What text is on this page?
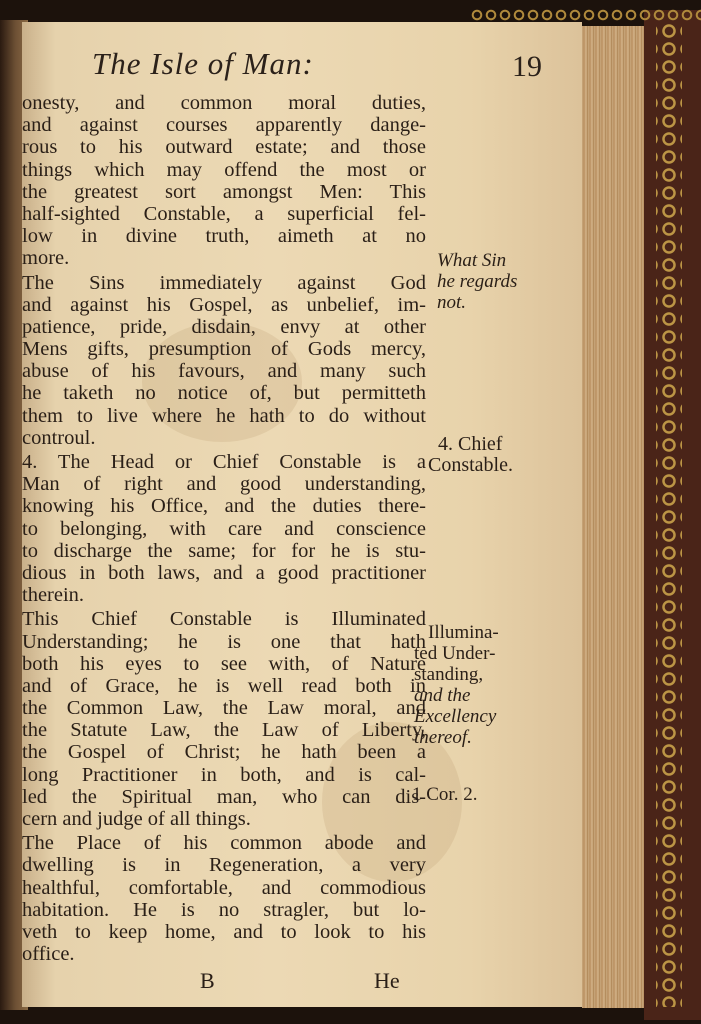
The Isle of Man:	19
onesty, and common moral duties,
and against courses apparently dange-
rous to his outward estate; and those
things which may offend the most or
the greatest sort amongst Men: This
half-sighted Constable, a superficial fel-
low in divine truth, aimeth at no
more.
The Sins immediately against God
and against his Gospel, as unbelief, im-
patience, pride, disdain, envy at other
Mens gifts, presumption of Gods mercy,
abuse of his favours, and many such
he taketh no notice of, but permitteth
them to live where he hath to do without
controul.
4. The Head or Chief Constable is a
Man of right and good understanding,
knowing his Office, and the duties there-
to belonging, with care and conscience
to discharge the same; for for he is stu-
dious in both laws, and a good practitioner
therein.
This Chief Constable is Illuminated
Understanding; he is one that hath
both his eyes to see with, of Nature
and of Grace, he is well read both in
the Common Law, the Law moral, and
the Statute Law, the Law of Liberty,
the Gospel of Christ; he hath been a
long Practitioner in both, and is cal-
led the Spiritual man, who can dis-
cern and judge of all things.
The Place of his common abode and
dwelling is in Regeneration, a very
healthful, comfortable, and commodious
habitation. He is no stragler, but lo-
veth to keep home, and to look to his
office.
What Sin
he regards
not.
4. Chief
Constable.
Illumina-
ted Under-
standing,
and the
Excellency
thereof.
1 Cor. 2.
B	He
